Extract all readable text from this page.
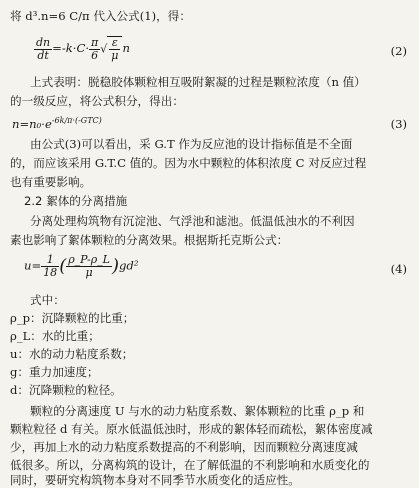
将 d³.n=6 C/π 代入公式(1)，得：
$\frac{dn}{dt} =-k\cdot C\cdot \frac{\pi}{6}$ √ $\frac{\varepsilon}{\mu}$ n	(2)
上式表明：脱稳胶体颗粒相互吸附絮凝的过程是颗粒浓度（n 值）
的一级反应，将公式积分，得出：
$n=n_0\cdot e^{-6k/\pi\cdot(-GTC)}$	(3)
由公式(3)可以看出，采 G.T 作为反应池的设计指标值是不全面
的，而应该采用 G.T.C 值的。因为水中颗粒的体积浓度 C 对反应过程
也有重要影响。
2.2 絮体的分离措施
分离处理构筑物有沉淀池、气浮池和滤池。低温低浊水的不利因
素也影响了絮体颗粒的分离效果。根据斯托克斯公式：
$u= \frac{1}{18}$ ( $\frac{\rho\_P-\rho\_L}{\mu} )gd^2$	(4)
式中：
ρ_p：沉降颗粒的比重；
ρ_L：水的比重；
u：水的动力粘度系数；
g：重力加速度；
d：沉降颗粒的粒径。
颗粒的分离速度 U 与水的动力粘度系数、絮体颗粒的比重 ρ_p 和
颗粒粒径 d 有关。原水低温低浊时，形成的絮体轻而疏松，絮体密度减
少，再加上水的动力粘度系数提高的不利影响，因而颗粒分离速度减
低很多。所以，分离构筑的设计，在了解低温的不利影响和水质变化的
同时，要研究构筑物本身对不同季节水质变化的适应性。
